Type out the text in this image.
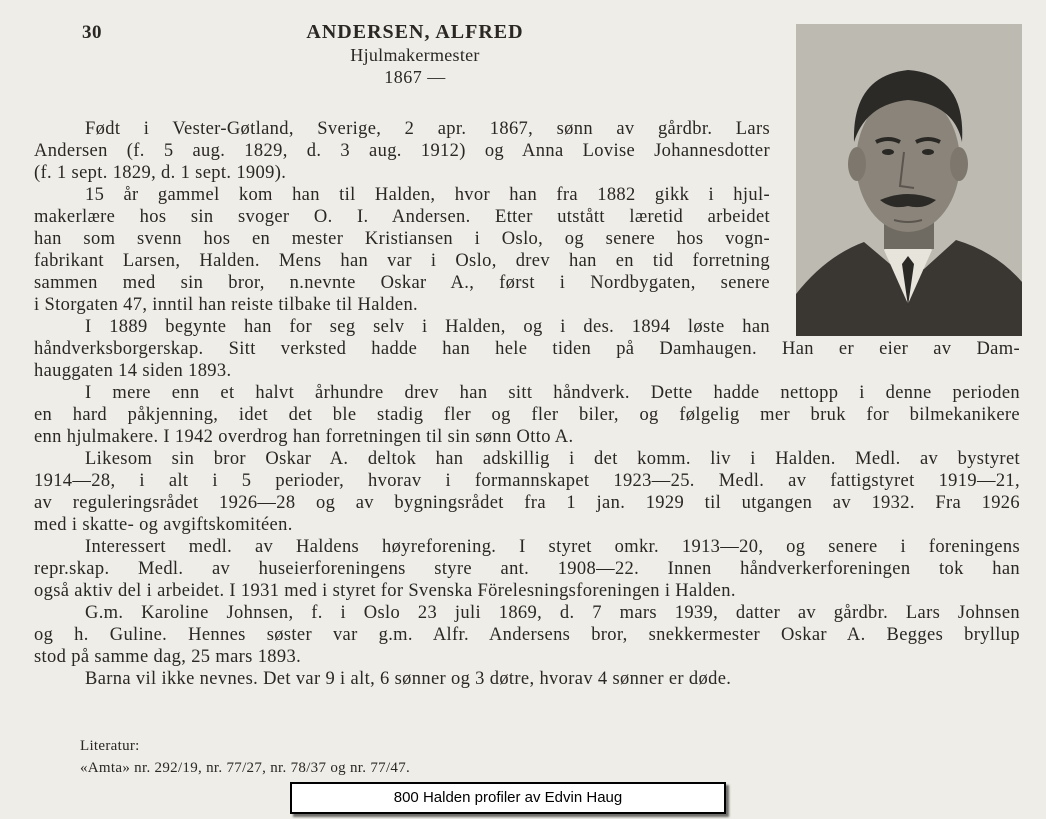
30	ANDERSEN, ALFRED
Hjulmakermester
1867 —
Født i Vester-Gøtland, Sverige, 2 apr. 1867, sønn av gårdbr. Lars
Andersen (f. 5 aug. 1829, d. 3 aug. 1912) og Anna Lovise Johannesdotter
(f. 1 sept. 1829, d. 1 sept. 1909).
15 år gammel kom han til Halden, hvor han fra 1882 gikk i hjul-
makerlære hos sin svoger O. I. Andersen. Etter utstått læretid arbeidet
han som svenn hos en mester Kristiansen i Oslo, og senere hos vogn-
fabrikant Larsen, Halden. Mens han var i Oslo, drev han en tid forretning
sammen med sin bror, n.nevnte Oskar A., først i Nordbygaten, senere
i Storgaten 47, inntil han reiste tilbake til Halden.
I 1889 begynte han for seg selv i Halden, og i des. 1894 løste han
håndverksborgerskap. Sitt verksted hadde han hele tiden på Damhaugen. Han er eier av Dam-
hauggaten 14 siden 1893.
I mere enn et halvt århundre drev han sitt håndverk. Dette hadde nettopp i denne perioden
en hard påkjenning, idet det ble stadig fler og fler biler, og følgelig mer bruk for bilmekanikere
enn hjulmakere. I 1942 overdrog han forretningen til sin sønn Otto A.
Likesom sin bror Oskar A. deltok han adskillig i det komm. liv i Halden. Medl. av bystyret
1914—28, i alt i 5 perioder, hvorav i formannskapet 1923—25. Medl. av fattigstyret 1919—21,
av reguleringsrådet 1926—28 og av bygningsrådet fra 1 jan. 1929 til utgangen av 1932. Fra 1926
med i skatte- og avgiftskomitéen.
Interessert medl. av Haldens høyreforening. I styret omkr. 1913—20, og senere i foreningens
repr.skap. Medl. av huseierforeningens styre ant. 1908—22. Innen håndverkerforeningen tok han
også aktiv del i arbeidet. I 1931 med i styret for Svenska Förelesningsforeningen i Halden.
G.m. Karoline Johnsen, f. i Oslo 23 juli 1869, d. 7 mars 1939, datter av gårdbr. Lars Johnsen
og h. Guline. Hennes søster var g.m. Alfr. Andersens bror, snekkermester Oskar A. Begges bryllup
stod på samme dag, 25 mars 1893.
Barna vil ikke nevnes. Det var 9 i alt, 6 sønner og 3 døtre, hvorav 4 sønner er døde.
Literatur:
«Amta» nr. 292/19, nr. 77/27, nr. 78/37 og nr. 77/47.
800 Halden profiler av Edvin Haug
